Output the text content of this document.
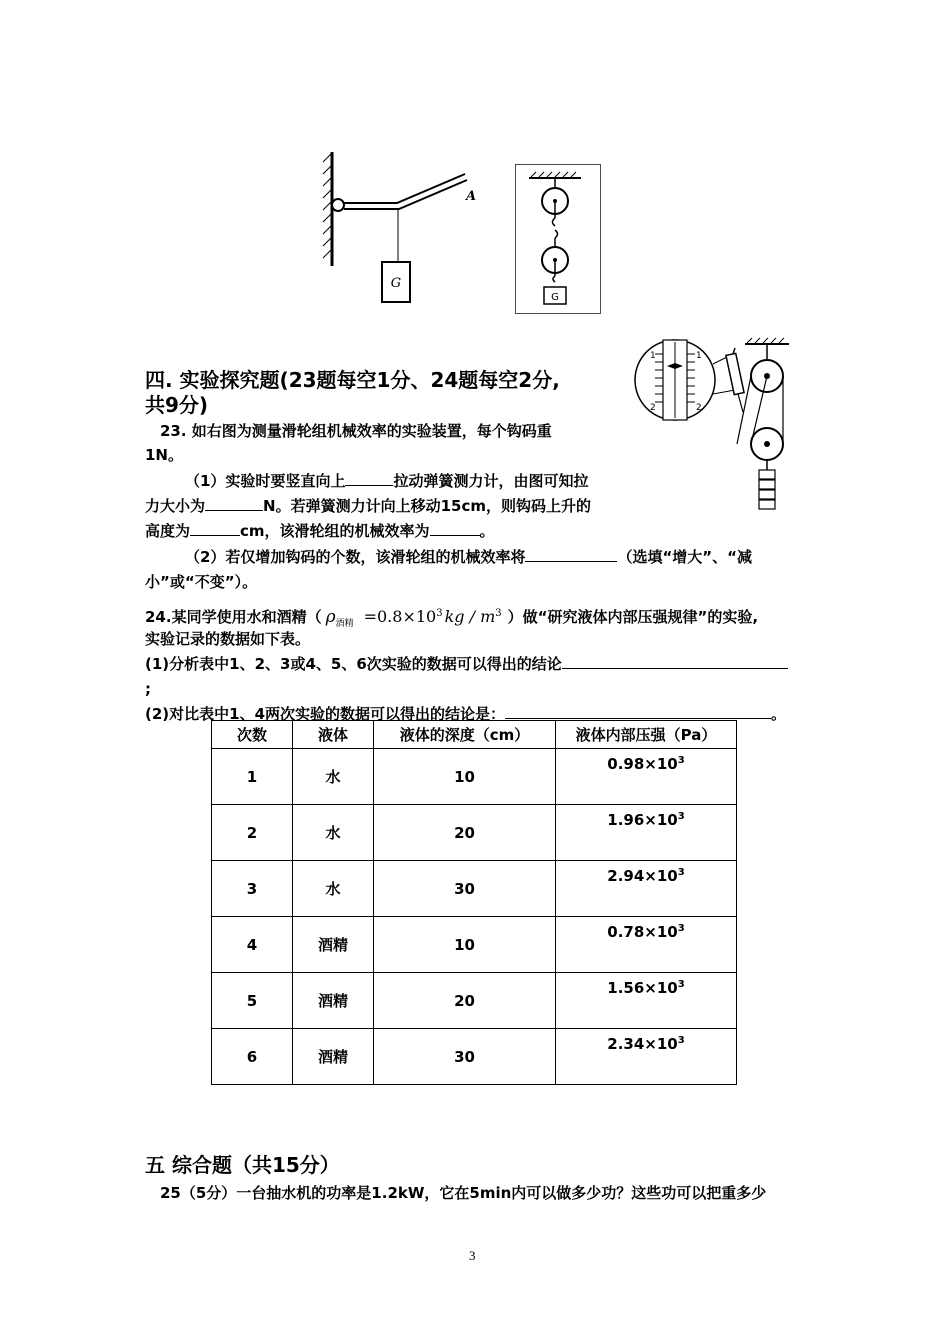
G
A
G
1	1
2	2
四. 实验探究题(23题每空1分、24题每空2分,
共9分)
23. 如右图为测量滑轮组机械效率的实验装置，每个钩码重
1N。
（1）实验时要竖直向上	拉动弹簧测力计，由图可知拉
力大小为	N。若弹簧测力计向上移动15cm，则钩码上升的
高度为	cm，该滑轮组的机械效率为	。
（2）若仅增加钩码的个数，该滑轮组的机械效率将	（选填“增大”、“减
小”或“不变”）。
24.某同学使用水和酒精（ $\rho_{酒精} =0.8\times 10^3$ kg / $m^3$ ）做“研究液体内部压强规律”的实验,
实验记录的数据如下表。
(1)分析表中1、2、3或4、5、6次实验的数据可以得出的结论
;
(2)对比表中1、4两次实验的数据可以得出的结论是：	。
次数	液体	液体的深度（cm）	液体内部压强（Pa）
1	水	10	$0.98\times 10^3$
2	水	20	$1.96\times 10^3$
3	水	30	$2.94\times 10^3$
4	酒精	10	$0.78\times 10^3$
5	酒精	20	$1.56\times 10^3$
6	酒精	30	$2.34\times 10^3$
五 综合题（共15分）
25（5分）一台抽水机的功率是1.2kW，它在5min内可以做多少功？这些功可以把重多少
3
